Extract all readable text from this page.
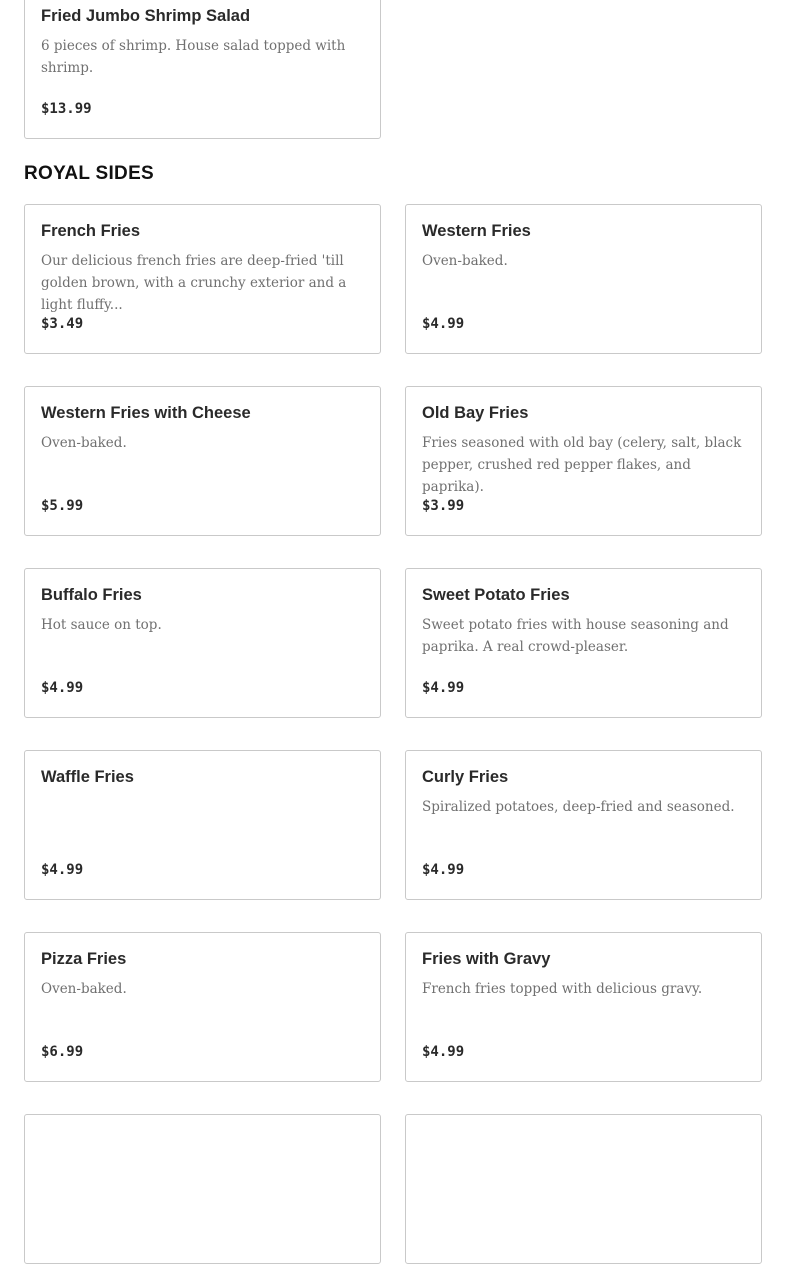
Fried Jumbo Shrimp Salad
6 pieces of shrimp. House salad topped with shrimp.
$13.99
ROYAL SIDES
French Fries
Our delicious french fries are deep-fried 'till golden brown, with a crunchy exterior and a light fluffy...
$3.49
Western Fries
Oven-baked.
$4.99
Western Fries with Cheese
Oven-baked.
$5.99
Old Bay Fries
Fries seasoned with old bay (celery, salt, black pepper, crushed red pepper flakes, and paprika).
$3.99
Buffalo Fries
Hot sauce on top.
$4.99
Sweet Potato Fries
Sweet potato fries with house seasoning and paprika. A real crowd-pleaser.
$4.99
Waffle Fries
$4.99
Curly Fries
Spiralized potatoes, deep-fried and seasoned.
$4.99
Pizza Fries
Oven-baked.
$6.99
Fries with Gravy
French fries topped with delicious gravy.
$4.99
